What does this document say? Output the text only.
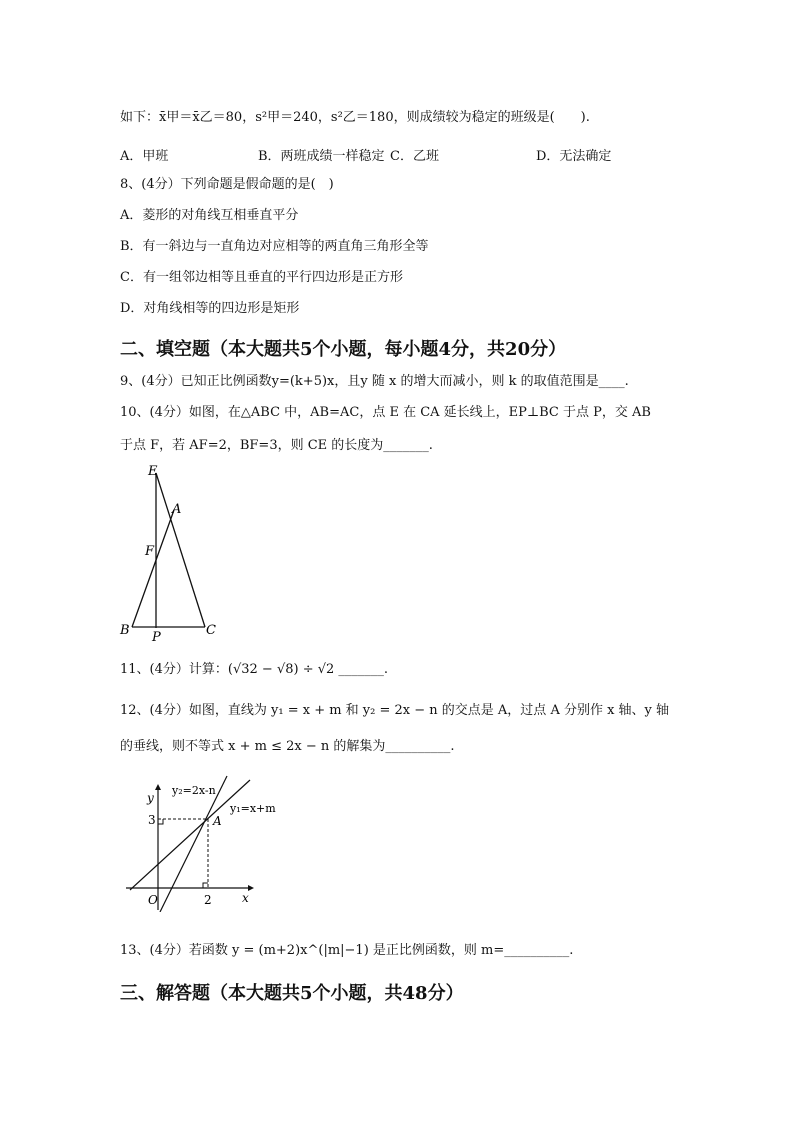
如下：x̄甲＝x̄乙＝80，s²甲＝240，s²乙＝180，则成绩较为稳定的班级是(　　).
A．甲班	B．两班成绩一样稳定 C．乙班	D．无法确定
8、(4分）下列命题是假命题的是(　)
A．菱形的对角线互相垂直平分
B．有一斜边与一直角边对应相等的两直角三角形全等
C．有一组邻边相等且垂直的平行四边形是正方形
D．对角线相等的四边形是矩形
二、填空题（本大题共5个小题，每小题4分，共20分）
9、(4分）已知正比例函数y=(k+5)x，且y 随 x 的增大而减小，则 k 的取值范围是____.
10、(4分）如图，在△ABC 中，AB=AC，点 E 在 CA 延长线上，EP⊥BC 于点 P，交 AB
于点 F，若 AF=2，BF=3，则 CE 的长度为_______.
E
A
F
B P	C
11、(4分）计算：(√32 − √8) ÷ √2 _______.
12、(4分）如图，直线为 y₁ = x + m 和 y₂ = 2x − n 的交点是 A，过点 A 分别作 x 轴、y 轴
的垂线，则不等式 x + m ≤ 2x − n 的解集为__________.
y₂=2x-n
y₁=x+m
y
x
O
A
3
2
13、(4分）若函数 y = (m+2)x^(|m|−1) 是正比例函数，则 m=__________.
三、解答题（本大题共5个小题，共48分）
